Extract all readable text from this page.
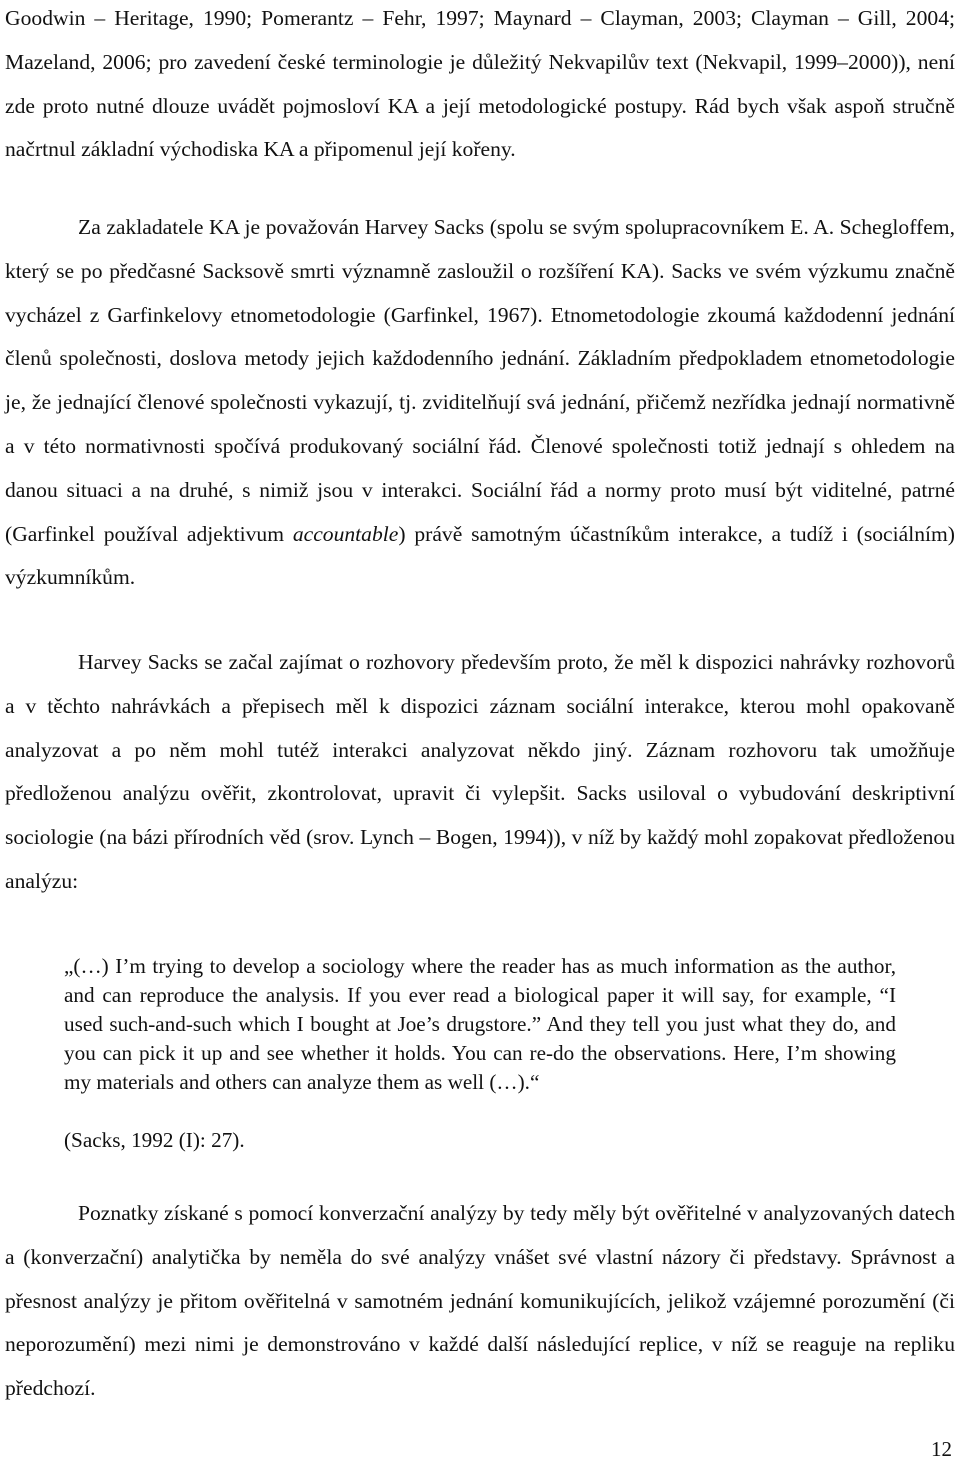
Goodwin – Heritage, 1990; Pomerantz – Fehr, 1997; Maynard – Clayman, 2003; Clayman – Gill, 2004; Mazeland, 2006; pro zavedení české terminologie je důležitý Nekvapilův text (Nekvapil, 1999–2000)), není zde proto nutné dlouze uvádět pojmosloví KA a její metodologické postupy. Rád bych však aspoň stručně načrtnul základní východiska KA a připomenul její kořeny.

Za zakladatele KA je považován Harvey Sacks (spolu se svým spolupracovníkem E. A. Schegloffem, který se po předčasné Sacksově smrti významně zasloužil o rozšíření KA). Sacks ve svém výzkumu značně vycházel z Garfinkelovy etnometodologie (Garfinkel, 1967). Etnometodologie zkoumá každodenní jednání členů společnosti, doslova metody jejich každodenního jednání. Základním předpokladem etnometodologie je, že jednající členové společnosti vykazují, tj. zviditelňují svá jednání, přičemž nezřídka jednají normativně a v této normativnosti spočívá produkovaný sociální řád. Členové společnosti totiž jednají s ohledem na danou situaci a na druhé, s nimiž jsou v interakci. Sociální řád a normy proto musí být viditelné, patrné (Garfinkel používal adjektivum accountable) právě samotným účastníkům interakce, a tudíž i (sociálním) výzkumníkům.

Harvey Sacks se začal zajímat o rozhovory především proto, že měl k dispozici nahrávky rozhovorů a v těchto nahrávkách a přepisech měl k dispozici záznam sociální interakce, kterou mohl opakovaně analyzovat a po něm mohl tutéž interakci analyzovat někdo jiný. Záznam rozhovoru tak umožňuje předloženou analýzu ověřit, zkontrolovat, upravit či vylepšit. Sacks usiloval o vybudování deskriptivní sociologie (na bázi přírodních věd (srov. Lynch – Bogen, 1994)), v níž by každý mohl zopakovat předloženou analýzu:

„(…) I’m trying to develop a sociology where the reader has as much information as the author, and can reproduce the analysis. If you ever read a biological paper it will say, for example, “I used such-and-such which I bought at Joe’s drugstore.” And they tell you just what they do, and you can pick it up and see whether it holds. You can re-do the observations. Here, I’m showing my materials and others can analyze them as well (…).“

(Sacks, 1992 (I): 27).

Poznatky získané s pomocí konverzační analýzy by tedy měly být ověřitelné v analyzovaných datech a (konverzační) analytička by neměla do své analýzy vnášet své vlastní názory či představy. Správnost a přesnost analýzy je přitom ověřitelná v samotném jednání komunikujících, jelikož vzájemné porozumění (či neporozumění) mezi nimi je demonstrováno v každé další následující replice, v níž se reaguje na repliku předchozí.

12
